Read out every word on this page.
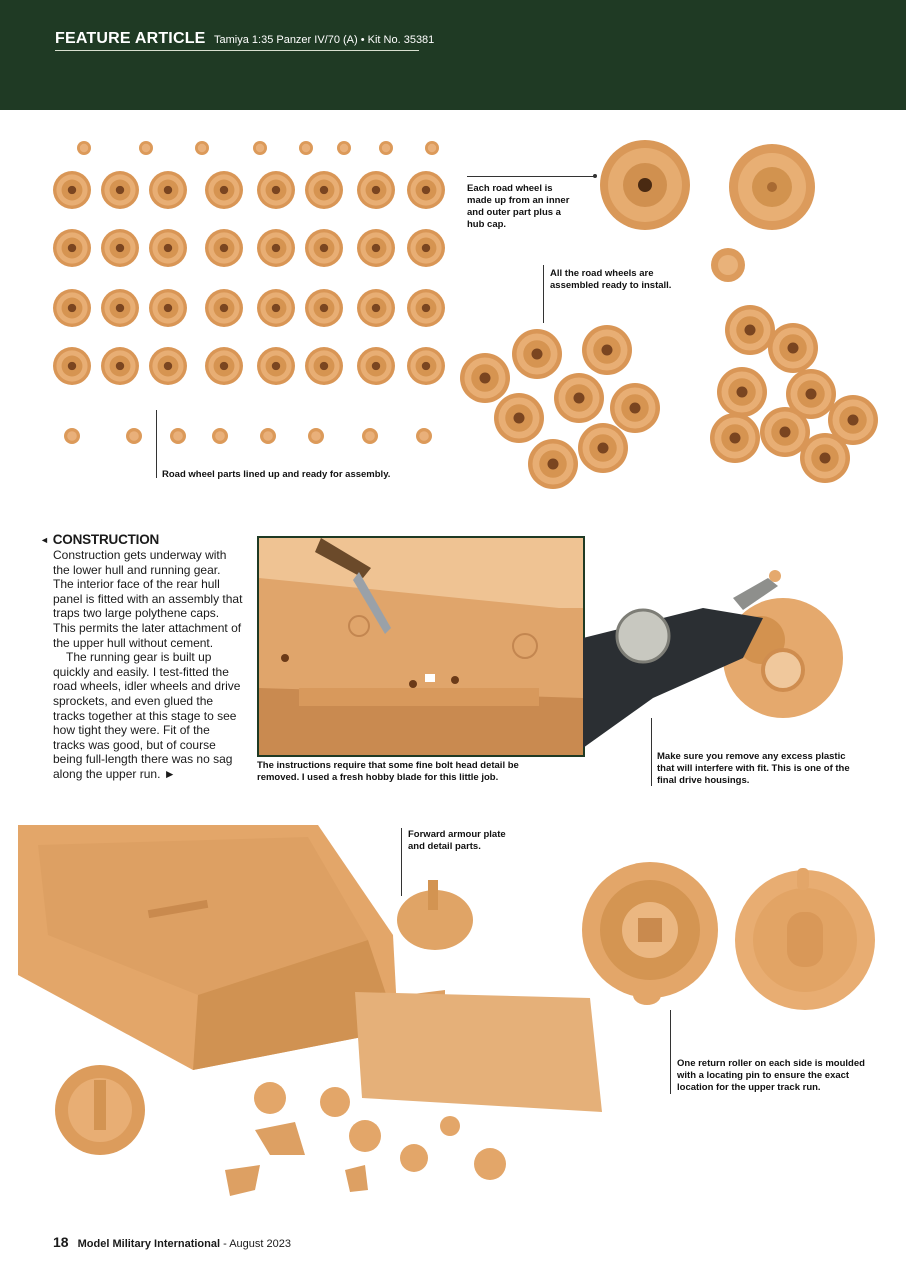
FEATURE ARTICLE Tamiya 1:35 Panzer IV/70 (A) • Kit No. 35381
Road wheel parts lined up and ready for assembly.
Each road wheel is made up from an inner and outer part plus a hub cap.
All the road wheels are assembled ready to install.
The instructions require that some fine bolt head detail be removed. I used a fresh hobby blade for this little job.
Make sure you remove any excess plastic that will interfere with fit. This is one of the final drive housings.
Forward armour plate and detail parts.
One return roller on each side is moulded with a locating pin to ensure the exact location for the upper track run.
◄ CONSTRUCTION

Construction gets underway with the lower hull and running gear. The interior face of the rear hull panel is fitted with an assembly that traps two large polythene caps. This permits the later attachment of the upper hull without cement.

The running gear is built up quickly and easily. I test-fitted the road wheels, idler wheels and drive sprockets, and even glued the tracks together at this stage to see how tight they were. Fit of the tracks was good, but of course being full-length there was no sag along the upper run. ►

18 Model Military International - August 2023
